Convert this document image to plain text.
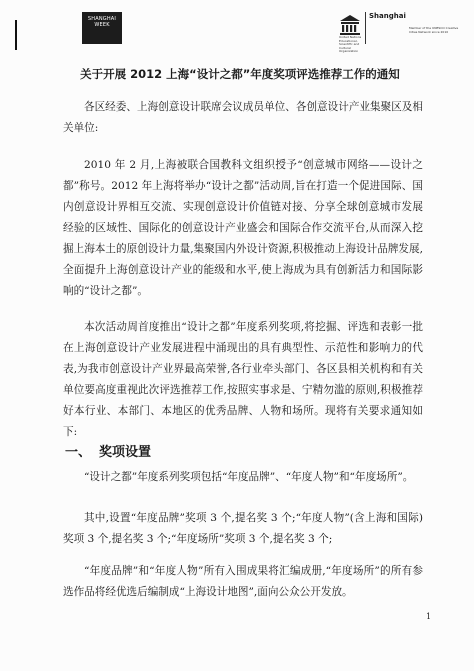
SHANGHAI WEEK
Shanghai
United Nations Educational, Scientific and Cultural Organization
Member of the UNESCO Creative Cities Network since 2010
关于开展 2012 上海“设计之都”年度奖项评选推荐工作的通知

各区经委、上海创意设计联席会议成员单位、各创意设计产业集聚区及相关单位:

2010 年 2 月,上海被联合国教科文组织授予“创意城市网络——设计之都”称号。2012 年上海将举办“设计之都”活动周,旨在打造一个促进国际、国内创意设计界相互交流、实现创意设计价值链对接、分享全球创意城市发展经验的区域性、国际化的创意设计产业盛会和国际合作交流平台,从而深入挖掘上海本土的原创设计力量,集聚国内外设计资源,积极推动上海设计品牌发展,全面提升上海创意设计产业的能级和水平,使上海成为具有创新活力和国际影响的“设计之都”。

本次活动周首度推出“设计之都”年度系列奖项,将挖掘、评选和表彰一批在上海创意设计产业发展进程中涌现出的具有典型性、示范性和影响力的代表,为我市创意设计产业界最高荣誉,各行业牵头部门、各区县相关机构和有关单位要高度重视此次评选推荐工作,按照实事求是、宁精勿滥的原则,积极推荐好本行业、本部门、本地区的优秀品牌、人物和场所。现将有关要求通知如下:

一、 奖项设置

“设计之都”年度系列奖项包括“年度品牌”、“年度人物”和“年度场所”。

其中,设置“年度品牌”奖项 3 个,提名奖 3 个;“年度人物”(含上海和国际)奖项 3 个,提名奖 3 个;“年度场所”奖项 3 个,提名奖 3 个;

“年度品牌”和“年度人物”所有入围成果将汇编成册,“年度场所”的所有参选作品将经优选后编制成“上海设计地图”,面向公众公开发放。

1
